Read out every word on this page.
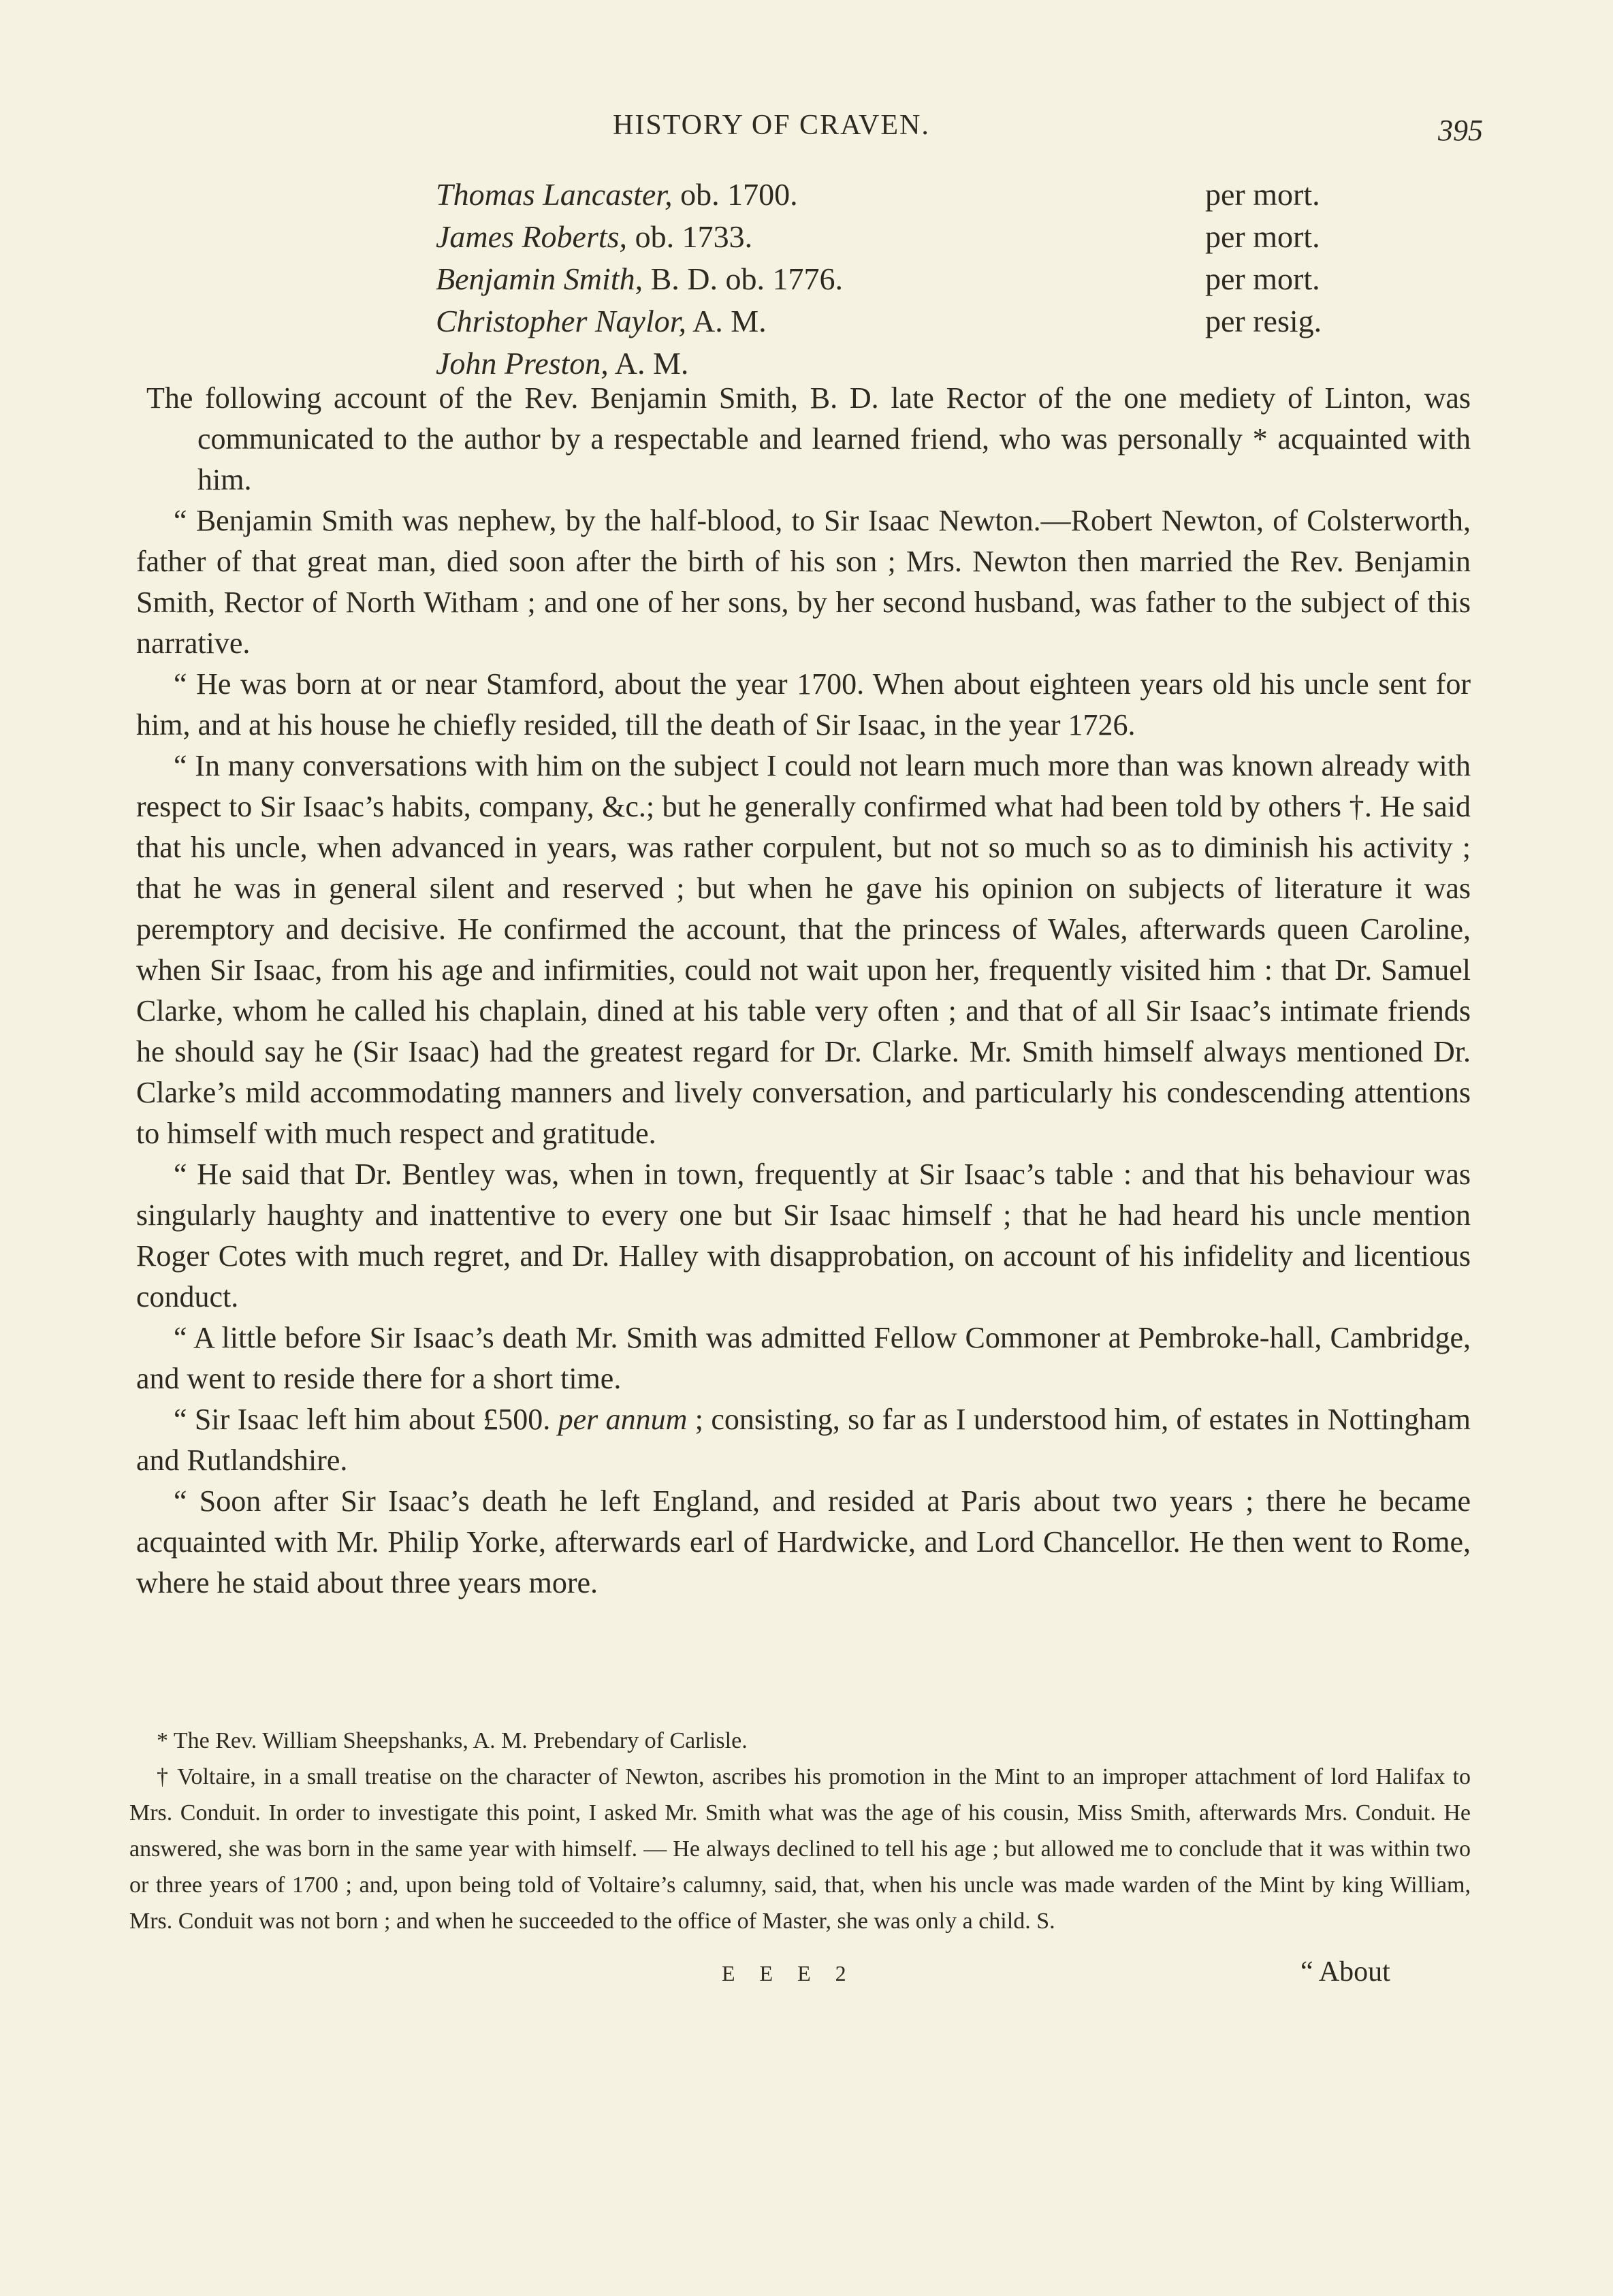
HISTORY OF CRAVEN.	395
Thomas Lancaster, ob. 1700.	per mort.
James Roberts, ob. 1733.	per mort.
Benjamin Smith, B. D. ob. 1776.	per mort.
Christopher Naylor, A. M.	per resig.
John Preston, A. M.

The following account of the Rev. Benjamin Smith, B. D. late Rector of the one mediety of Linton, was communicated to the author by a respectable and learned friend, who was personally * acquainted with him.

“ Benjamin Smith was nephew, by the half-blood, to Sir Isaac Newton.—Robert Newton, of Colsterworth, father of that great man, died soon after the birth of his son ; Mrs. Newton then married the Rev. Benjamin Smith, Rector of North Witham ; and one of her sons, by her second husband, was father to the subject of this narrative.

“ He was born at or near Stamford, about the year 1700. When about eighteen years old his uncle sent for him, and at his house he chiefly resided, till the death of Sir Isaac, in the year 1726.

“ In many conversations with him on the subject I could not learn much more than was known already with respect to Sir Isaac’s habits, company, &c.; but he generally confirmed what had been told by others †. He said that his uncle, when advanced in years, was rather corpulent, but not so much so as to diminish his activity ; that he was in general silent and reserved ; but when he gave his opinion on subjects of literature it was peremptory and decisive. He confirmed the account, that the princess of Wales, afterwards queen Caroline, when Sir Isaac, from his age and infirmities, could not wait upon her, frequently visited him : that Dr. Samuel Clarke, whom he called his chaplain, dined at his table very often ; and that of all Sir Isaac’s intimate friends he should say he (Sir Isaac) had the greatest regard for Dr. Clarke. Mr. Smith himself always mentioned Dr. Clarke’s mild accommodating manners and lively conversation, and particularly his condescending attentions to himself with much respect and gratitude.

“ He said that Dr. Bentley was, when in town, frequently at Sir Isaac’s table : and that his behaviour was singularly haughty and inattentive to every one but Sir Isaac himself ; that he had heard his uncle mention Roger Cotes with much regret, and Dr. Halley with disapprobation, on account of his infidelity and licentious conduct.

“ A little before Sir Isaac’s death Mr. Smith was admitted Fellow Commoner at Pembroke-hall, Cambridge, and went to reside there for a short time.

“ Sir Isaac left him about £500. per annum ; consisting, so far as I understood him, of estates in Nottingham and Rutlandshire.

“ Soon after Sir Isaac’s death he left England, and resided at Paris about two years ; there he became acquainted with Mr. Philip Yorke, afterwards earl of Hardwicke, and Lord Chancellor. He then went to Rome, where he staid about three years more.

* The Rev. William Sheepshanks, A. M. Prebendary of Carlisle.

† Voltaire, in a small treatise on the character of Newton, ascribes his promotion in the Mint to an improper attachment of lord Halifax to Mrs. Conduit. In order to investigate this point, I asked Mr. Smith what was the age of his cousin, Miss Smith, afterwards Mrs. Conduit. He answered, she was born in the same year with himself. — He always declined to tell his age ; but allowed me to conclude that it was within two or three years of 1700 ; and, upon being told of Voltaire’s calumny, said, that, when his uncle was made warden of the Mint by king William, Mrs. Conduit was not born ; and when he succeeded to the office of Master, she was only a child. S.

E E E 2	“ About
